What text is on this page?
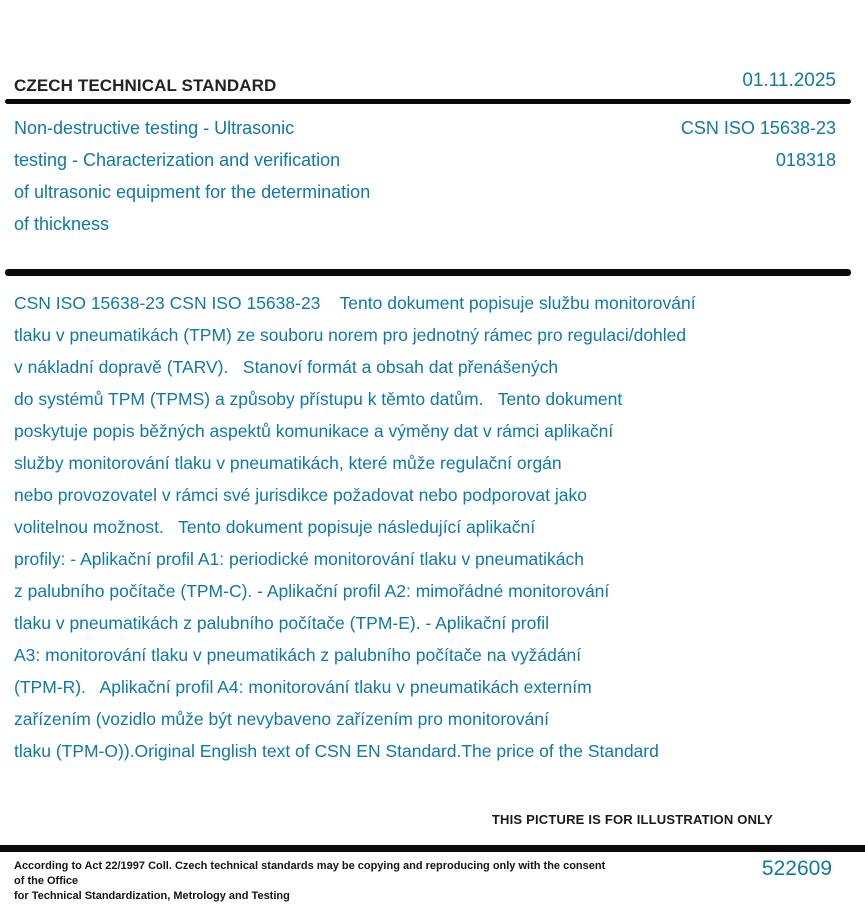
CZECH TECHNICAL STANDARD	01.11.2025
Non-destructive testing - Ultrasonic
testing - Characterization and verification
of ultrasonic equipment for the determination
of thickness
CSN ISO 15638-23
018318
CSN ISO 15638-23 CSN ISO 15638-23    Tento dokument popisuje službu monitorování
tlaku v pneumatikách (TPM) ze souboru norem pro jednotný rámec pro regulaci/dohled
v nákladní dopravě (TARV).   Stanoví formát a obsah dat přenášených
do systémů TPM (TPMS) a způsoby přístupu k těmto datům.   Tento dokument
poskytuje popis běžných aspektů komunikace a výměny dat v rámci aplikační
služby monitorování tlaku v pneumatikách, které může regulační orgán
nebo provozovatel v rámci své jurisdikce požadovat nebo podporovat jako
volitelnou možnost.   Tento dokument popisuje následující aplikační
profily: - Aplikační profil A1: periodické monitorování tlaku v pneumatikách
z palubního počítače (TPM-C). - Aplikační profil A2: mimořádné monitorování
tlaku v pneumatikách z palubního počítače (TPM-E). - Aplikační profil
A3: monitorování tlaku v pneumatikách z palubního počítače na vyžádání
(TPM-R).   Aplikační profil A4: monitorování tlaku v pneumatikách externím
zařízením (vozidlo může být nevybaveno zařízením pro monitorování
tlaku (TPM-O)).Original English text of CSN EN Standard.The price of the Standard
THIS PICTURE IS FOR ILLUSTRATION ONLY
According to Act 22/1997 Coll. Czech technical standards may be copying and reproducing only with the consent of the Office
for Technical Standardization, Metrology and Testing
522609
